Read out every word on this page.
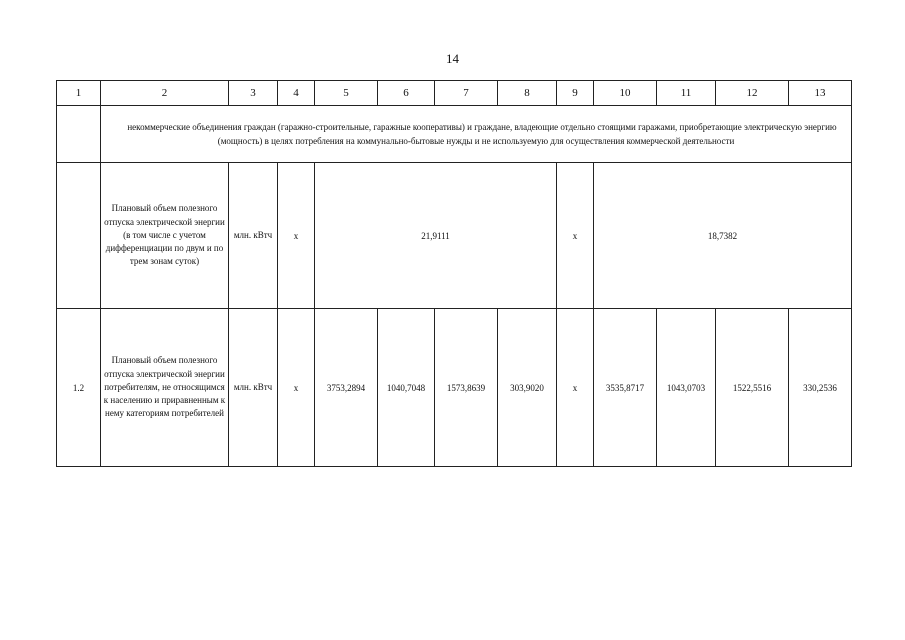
14
1	2	3	4	5	6	7	8	9	10	11	12	13
	некоммерческие объединения граждан (гаражно-строительные, гаражные кооперативы) и граждане, владеющие отдельно стоящими гаражами, приобретающие электрическую энергию (мощность) в целях потребления на коммунально-бытовые нужды и не используемую для осуществления коммерческой деятельности											
	Плановый объем полезного отпуска электрической энергии (в том числе с учетом дифференциации по двум и по трем зонам суток)	млн. кВтч	x	21,9111				x	18,7382			
1.2	Плановый объем полезного отпуска электрической энергии потребителям, не относящимся к населению и приравненным к нему категориям потребителей	млн. кВтч	x	3753,2894	1040,7048	1573,8639	303,9020	x	3535,8717	1043,0703	1522,5516	330,2536
